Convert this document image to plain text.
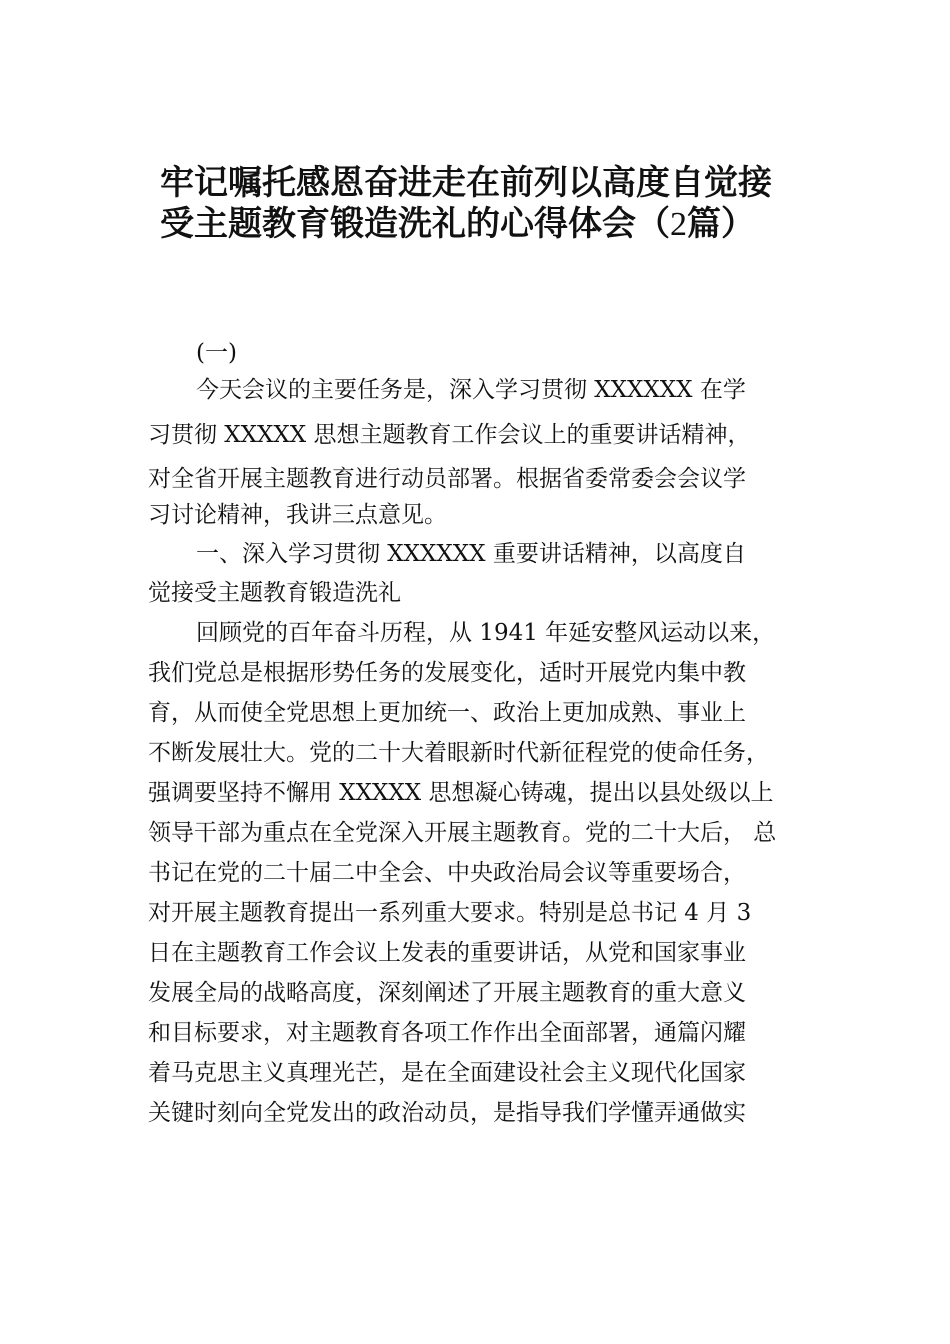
牢记嘱托感恩奋进走在前列以高度自觉接
受主题教育锻造洗礼的心得体会（2篇）
(一)
今天会议的主要任务是，深入学习贯彻 XXXXXX 在学
习贯彻 XXXXX 思想主题教育工作会议上的重要讲话精神，
对全省开展主题教育进行动员部署。根据省委常委会会议学
习讨论精神，我讲三点意见。
一、深入学习贯彻 XXXXXX 重要讲话精神，以高度自
觉接受主题教育锻造洗礼
回顾党的百年奋斗历程，从 1941 年延安整风运动以来，
我们党总是根据形势任务的发展变化，适时开展党内集中教
育，从而使全党思想上更加统一、政治上更加成熟、事业上
不断发展壮大。党的二十大着眼新时代新征程党的使命任务，
强调要坚持不懈用 XXXXX 思想凝心铸魂，提出以县处级以上
领导干部为重点在全党深入开展主题教育。党的二十大后， 总
书记在党的二十届二中全会、中央政治局会议等重要场合，
对开展主题教育提出一系列重大要求。特别是总书记 4 月 3
日在主题教育工作会议上发表的重要讲话，从党和国家事业
发展全局的战略高度，深刻阐述了开展主题教育的重大意义
和目标要求，对主题教育各项工作作出全面部署，通篇闪耀
着马克思主义真理光芒，是在全面建设社会主义现代化国家
关键时刻向全党发出的政治动员，是指导我们学懂弄通做实
